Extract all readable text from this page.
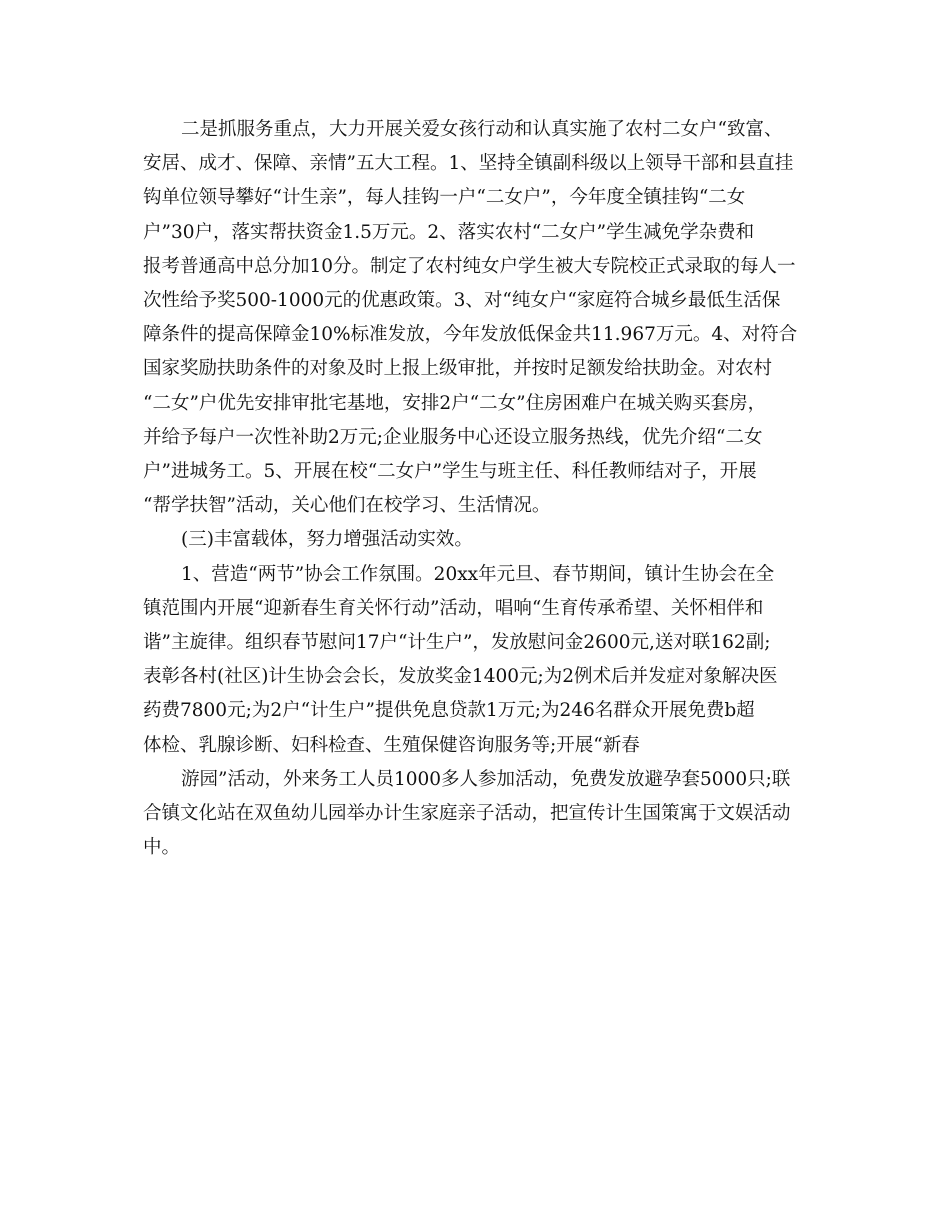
二是抓服务重点，大力开展关爱女孩行动和认真实施了农村二女户“致富、
安居、成才、保障、亲情”五大工程。1、坚持全镇副科级以上领导干部和县直挂
钩单位领导攀好“计生亲”，每人挂钩一户“二女户”，今年度全镇挂钩“二女
户”30户，落实帮扶资金1.5万元。2、落实农村“二女户”学生减免学杂费和
报考普通高中总分加10分。制定了农村纯女户学生被大专院校正式录取的每人一
次性给予奖500-1000元的优惠政策。3、对“纯女户“家庭符合城乡最低生活保
障条件的提高保障金10%标准发放，今年发放低保金共11.967万元。4、对符合
国家奖励扶助条件的对象及时上报上级审批，并按时足额发给扶助金。对农村
“二女”户优先安排审批宅基地，安排2户“二女”住房困难户在城关购买套房，
并给予每户一次性补助2万元;企业服务中心还设立服务热线，优先介绍“二女
户”进城务工。5、开展在校“二女户”学生与班主任、科任教师结对子，开展
“帮学扶智”活动，关心他们在校学习、生活情况。
(三)丰富载体，努力增强活动实效。
1、营造“两节”协会工作氛围。20xx年元旦、春节期间，镇计生协会在全
镇范围内开展“迎新春生育关怀行动”活动，唱响“生育传承希望、关怀相伴和
谐”主旋律。组织春节慰问17户“计生户”，发放慰问金2600元,送对联162副;
表彰各村(社区)计生协会会长，发放奖金1400元;为2例术后并发症对象解决医
药费7800元;为2户“计生户”提供免息贷款1万元;为246名群众开展免费b超
体检、乳腺诊断、妇科检查、生殖保健咨询服务等;开展“新春
游园”活动，外来务工人员1000多人参加活动，免费发放避孕套5000只;联
合镇文化站在双鱼幼儿园举办计生家庭亲子活动，把宣传计生国策寓于文娱活动
中。
